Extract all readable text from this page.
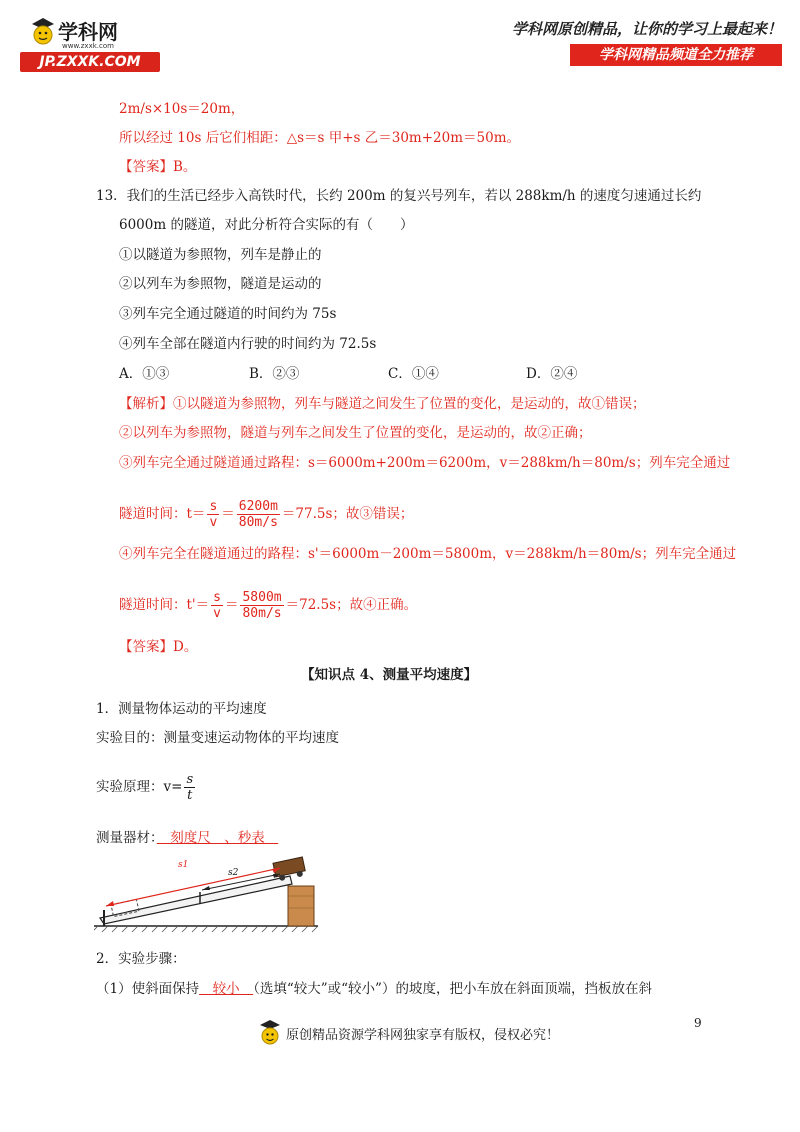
学科网
www.zxxk.com
JP.ZXXK.COM
学科网原创精品，让你的学习上最起来！
学科网精品频道全力推荐
2m/s×10s＝20m，
所以经过 10s 后它们相距：△s＝s 甲+s 乙＝30m+20m＝50m。
【答案】B。
13．我们的生活已经步入高铁时代，长约 200m 的复兴号列车，若以 288km/h 的速度匀速通过长约
6000m 的隧道，对此分析符合实际的有（　　）
①以隧道为参照物，列车是静止的
②以列车为参照物，隧道是运动的
③列车完全通过隧道的时间约为 75s
④列车全部在隧道内行驶的时间约为 72.5s
A．①③	B．②③	C．①④	D．②④
【解析】①以隧道为参照物，列车与隧道之间发生了位置的变化，是运动的，故①错误；
②以列车为参照物，隧道与列车之间发生了位置的变化，是运动的，故②正确；
③列车完全通过隧道通过路程：s＝6000m+200m＝6200m，v＝288km/h＝80m/s；列车完全通过
隧道时间：$t= \frac{s}{v} = \frac{6200m}{80m/s} =77.5s$；故③错误；
④列车完全在隧道通过的路程：s'＝6000m－200m＝5800m，v＝288km/h＝80m/s；列车完全通过
隧道时间：$t'= \frac{s}{v} = \frac{5800m}{80m/s} =72.5s$；故④正确。
【答案】D。
【知识点 4、测量平均速度】
1．测量物体运动的平均速度
实验目的：测量变速运动物体的平均速度
实验原理：$v= \frac{s}{t}$
测量器材：　刻度尺　、秒表　
s1
s2
2．实验步骤：
（1）使斜面保持　较小　（选填“较大”或“较小”）的坡度，把小车放在斜面顶端，挡板放在斜
9
原创精品资源学科网独家享有版权，侵权必究！
